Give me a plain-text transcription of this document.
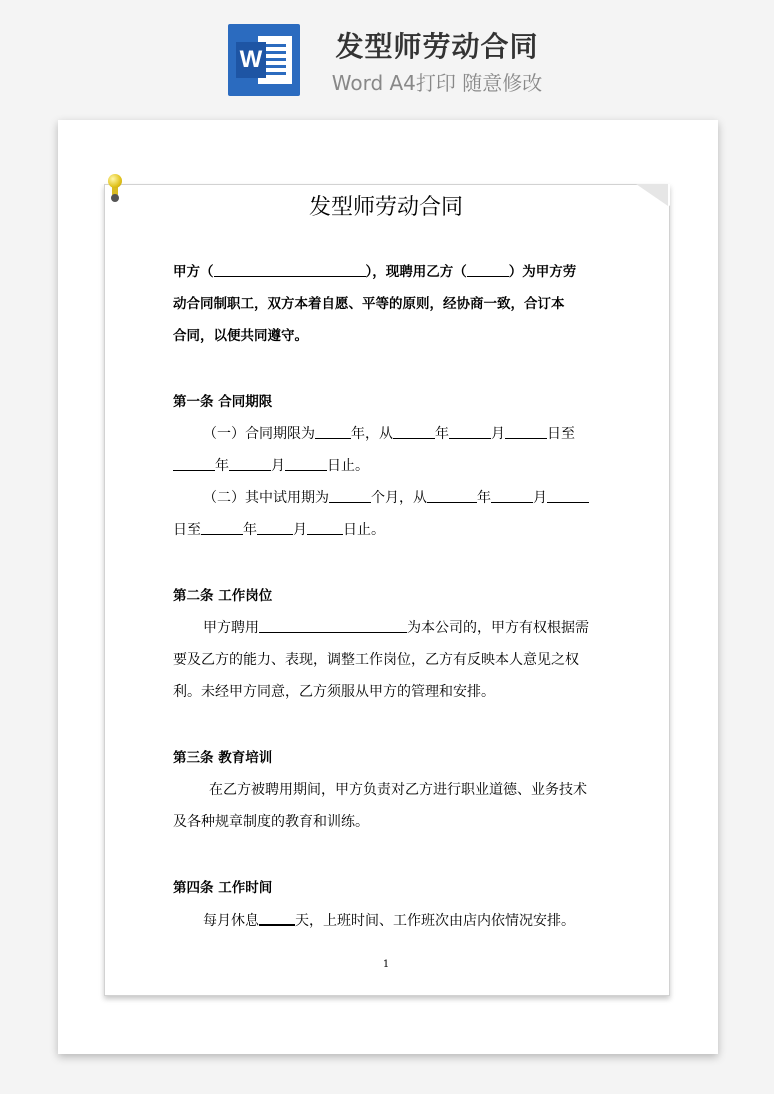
W	发型师劳动合同
Word A4打印 随意修改
发型师劳动合同
甲方（	），现聘用乙方（	）为甲方劳
动合同制职工，双方本着自愿、平等的原则，经协商一致，合订本
合同，以便共同遵守。
第一条 合同期限
（一）合同期限为	年，从	年	月	日至
年	月	日止。
（二）其中试用期为	个月，从	年	月
日至	年	月	日止。
第二条 工作岗位
甲方聘用	为本公司的，甲方有权根据需
要及乙方的能力、表现，调整工作岗位，乙方有反映本人意见之权
利。未经甲方同意，乙方须服从甲方的管理和安排。
第三条 教育培训
在乙方被聘用期间，甲方负责对乙方进行职业道德、业务技术
及各种规章制度的教育和训练。
第四条 工作时间
每月休息	天，上班时间、工作班次由店内依情况安排。
1
